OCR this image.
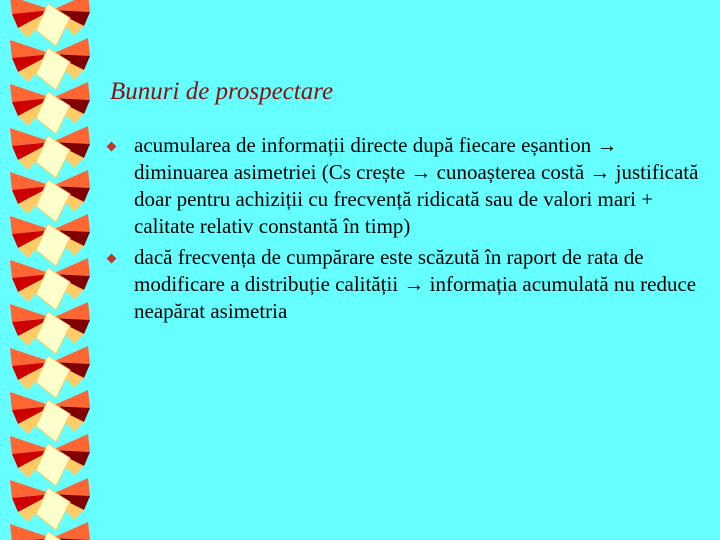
Bunuri de prospectare
acumularea de informații directe după fiecare eșantion → diminuarea asimetriei (Cs crește → cunoașterea costă → justificată doar pentru achiziții cu frecvență ridicată sau de valori mari + calitate relativ constantă în timp)
dacă frecvența de cumpărare este scăzută în raport de rata de modificare a distribuție calității → informația acumulată nu reduce neapărat asimetria
